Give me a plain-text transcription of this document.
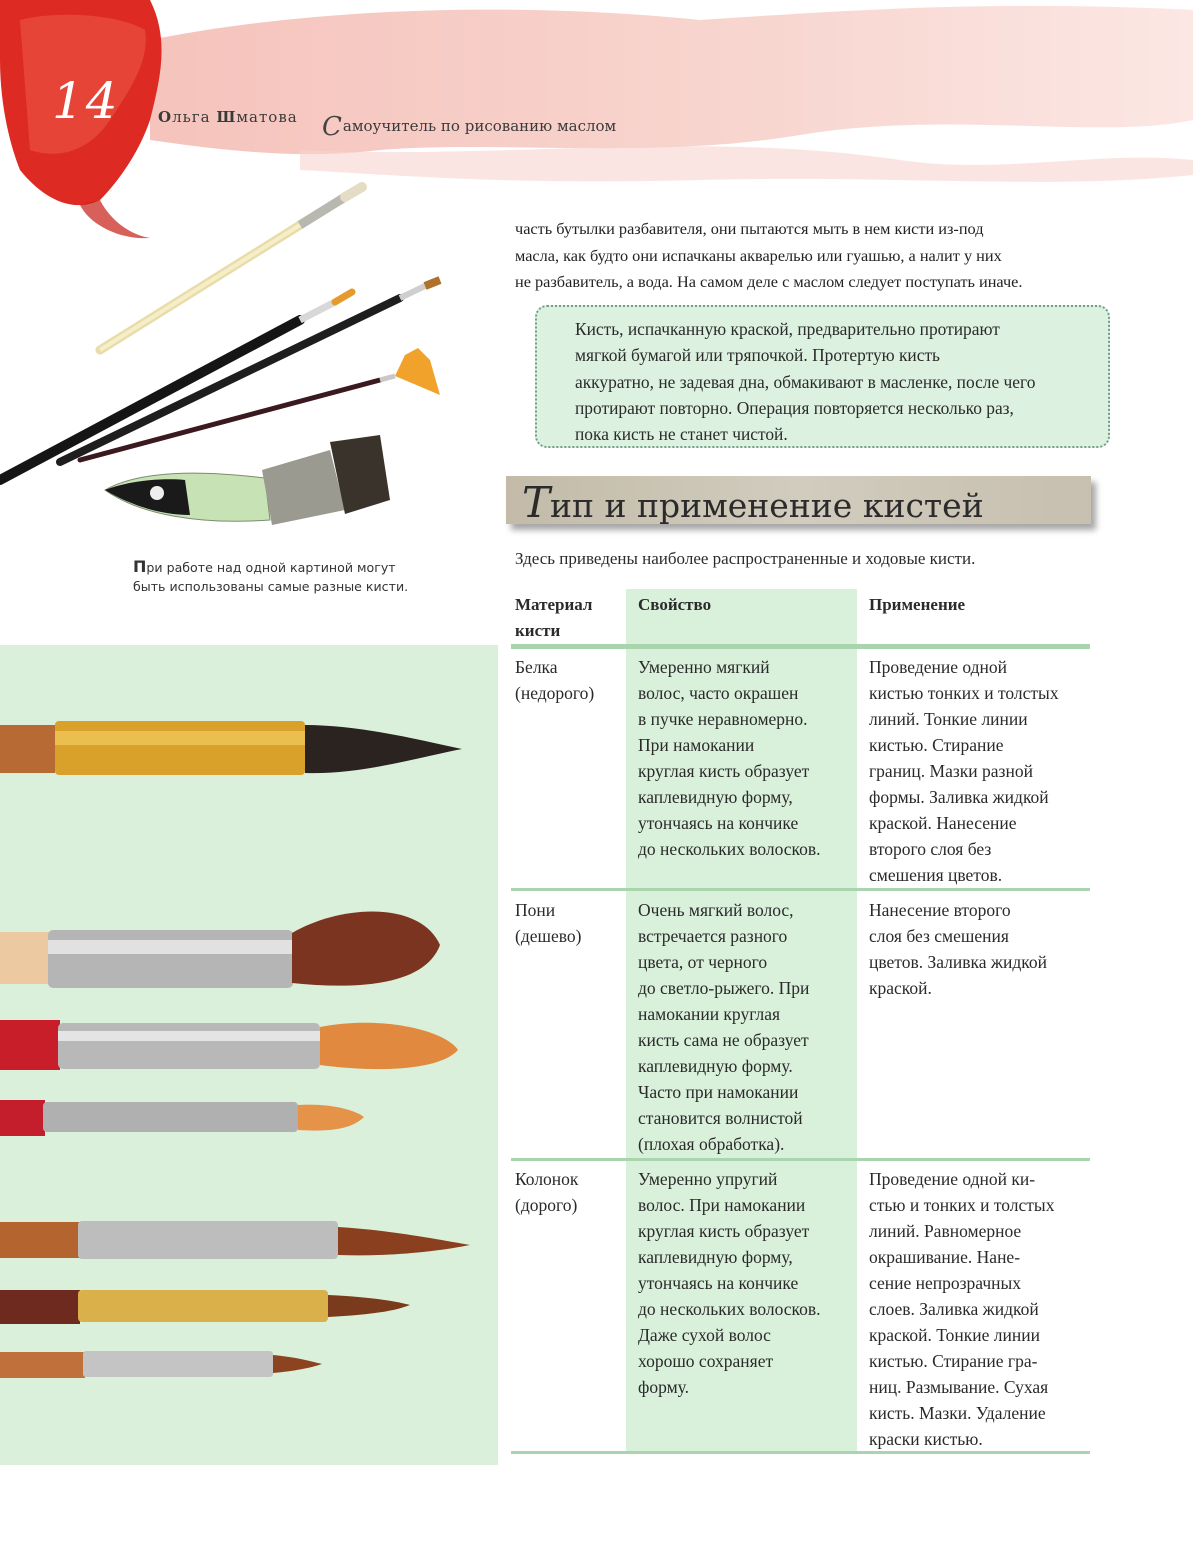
14	Ольга Шматова Самоучитель по рисованию маслом
При работе над одной картиной могут
быть использованы самые разные кисти.

часть бутылки разбавителя, они пытаются мыть в нем кисти из-под

масла, как будто они испачканы акварелью или гуашью, а налит у них

не разбавитель, а вода. На самом деле с маслом следует поступать иначе.

Кисть, испачканную краской, предварительно протирают
мягкой бумагой или тряпочкой. Протертую кисть
аккуратно, не задевая дна, обмакивают в масленке, после чего
протирают повторно. Операция повторяется несколько раз,
пока кисть не станет чистой.
Тип и применение кистей
Здесь приведены наиболее распространенные и ходовые кисти.
Материал
кисти
Свойство	Применение
Белка
(недорого)
Умеренно мягкий
волос, часто окрашен
в пучке неравномерно.
При намокании
круглая кисть образует
каплевидную форму,
утончаясь на кончике
до нескольких волосков.
Проведение одной
кистью тонких и толстых
линий. Тонкие линии
кистью. Стирание
границ. Мазки разной
формы. Заливка жидкой
краской. Нанесение
второго слоя без
смешения цветов.
Пони
(дешево)
Очень мягкий волос,
встречается разного
цвета, от черного
до светло-рыжего. При
намокании круглая
кисть сама не образует
каплевидную форму.
Часто при намокании
становится волнистой
(плохая обработка).
Нанесение второго
слоя без смешения
цветов. Заливка жидкой
краской.
Колонок
(дорого)
Умеренно упругий
волос. При намокании
круглая кисть образует
каплевидную форму,
утончаясь на кончике
до нескольких волосков.
Даже сухой волос
хорошо сохраняет
форму.
Проведение одной ки-
стью и тонких и толстых
линий. Равномерное
окрашивание. Нане-
сение непрозрачных
слоев. Заливка жидкой
краской. Тонкие линии
кистью. Стирание гра-
ниц. Размывание. Сухая
кисть. Мазки. Удаление
краски кистью.
